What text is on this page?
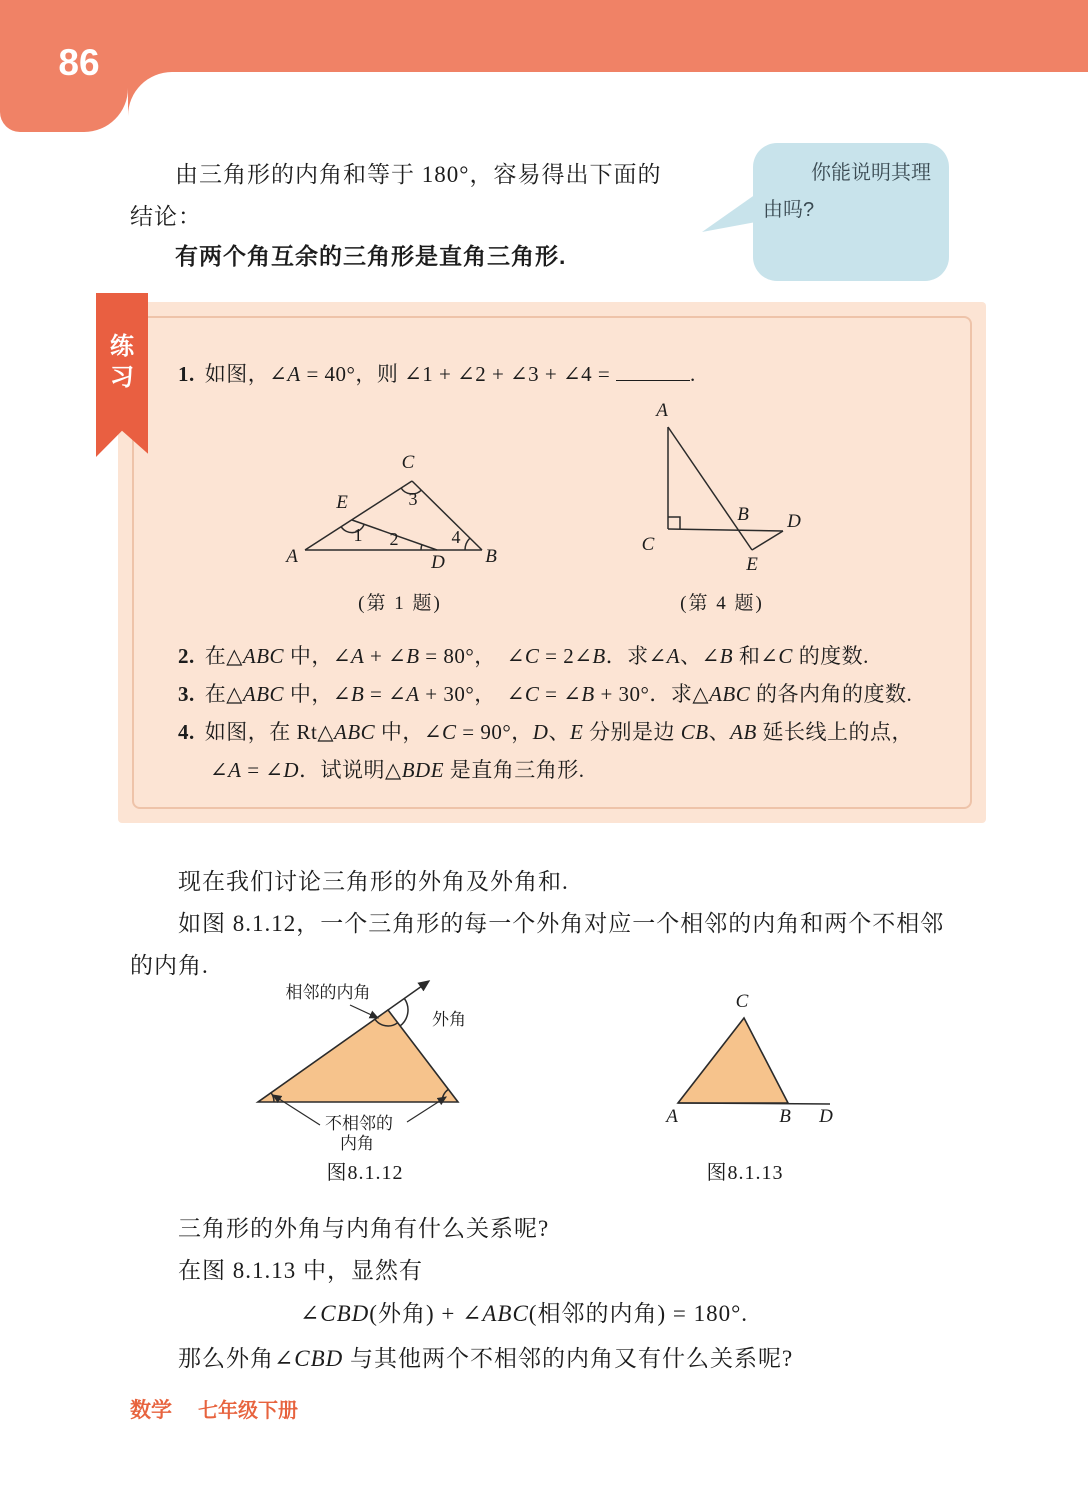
86
由三角形的内角和等于 180°，容易得出下面的
结论：
有两个角互余的三角形是直角三角形.
你能说明其理由吗?
1. 如图，∠A = 40°，则 ∠1 + ∠2 + ∠3 + ∠4 =	.
A	B
C
D
E
1 2
3
4
(第 1 题)
A
C
B D
E
(第 4 题)
2. 在△ABC 中，∠A + ∠B = 80°，　∠C = 2∠B．求∠A、∠B 和∠C 的度数.
3. 在△ABC 中，∠B = ∠A + 30°，　∠C = ∠B + 30°．求△ABC 的各内角的度数.
4. 如图，在 Rt△ABC 中，∠C = 90°，D、E 分别是边 CB、AB 延长线上的点，
∠A = ∠D．试说明△BDE 是直角三角形.
练
习
现在我们讨论三角形的外角及外角和.
如图 8.1.12，一个三角形的每一个外角对应一个相邻的内角和两个不相邻
的内角.
相邻的内角
外角
不相邻的
内角
图8.1.12
A	B
C
D
图8.1.13
三角形的外角与内角有什么关系呢?
在图 8.1.13 中，显然有
∠CBD(外角) + ∠ABC(相邻的内角) = 180°.
那么外角∠CBD 与其他两个不相邻的内角又有什么关系呢?
数学 七年级下册
